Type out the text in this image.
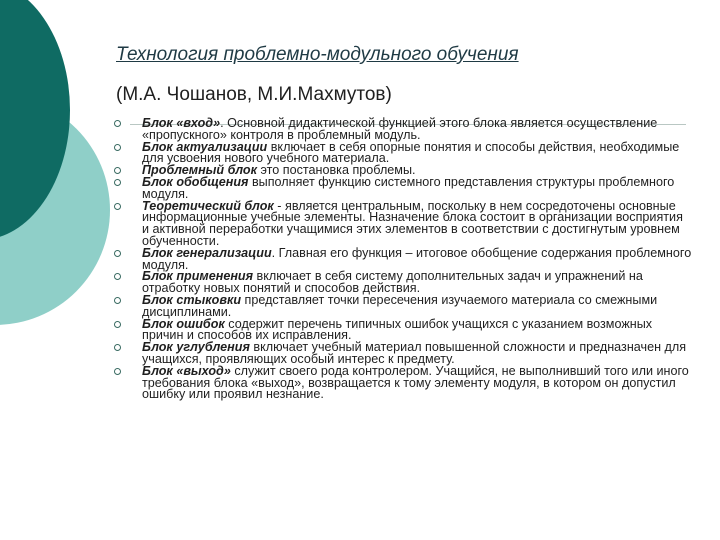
Технология проблемно-модульного обучения
(М.А. Чошанов, М.И.Махмутов)
Блок «вход». Основной дидактической функцией этого блока является осуществление «пропускного» контроля в проблемный модуль.
Блок актуализации включает в себя опорные понятия и способы действия, необходимые для усвоения нового учебного материала.
Проблемный блок это постановка проблемы.
Блок обобщения выполняет функцию системного представления структуры проблемного модуля.
Теоретический блок - является центральным, поскольку в нем сосредоточены основные информационные учебные элементы. Назначение блока состоит в организации восприятия и активной переработки учащимися этих элементов в соответствии с достигнутым уровнем обученности.
Блок генерализации. Главная его функция – итоговое обобщение содержания проблемного модуля.
Блок применения включает в себя систему дополнительных задач и упражнений на отработку новых понятий и способов действия.
Блок стыковки представляет точки пересечения изучаемого материала со смежными дисциплинами.
Блок ошибок содержит перечень типичных ошибок учащихся с указанием возможных причин и способов их исправления.
Блок углубления включает учебный материал повышенной сложности и предназначен для учащихся, проявляющих особый интерес к предмету.
Блок «выход» служит своего рода контролером. Учащийся, не выполнивший того или иного требования блока «выход», возвращается к тому элементу модуля, в котором он допустил ошибку или проявил незнание.
